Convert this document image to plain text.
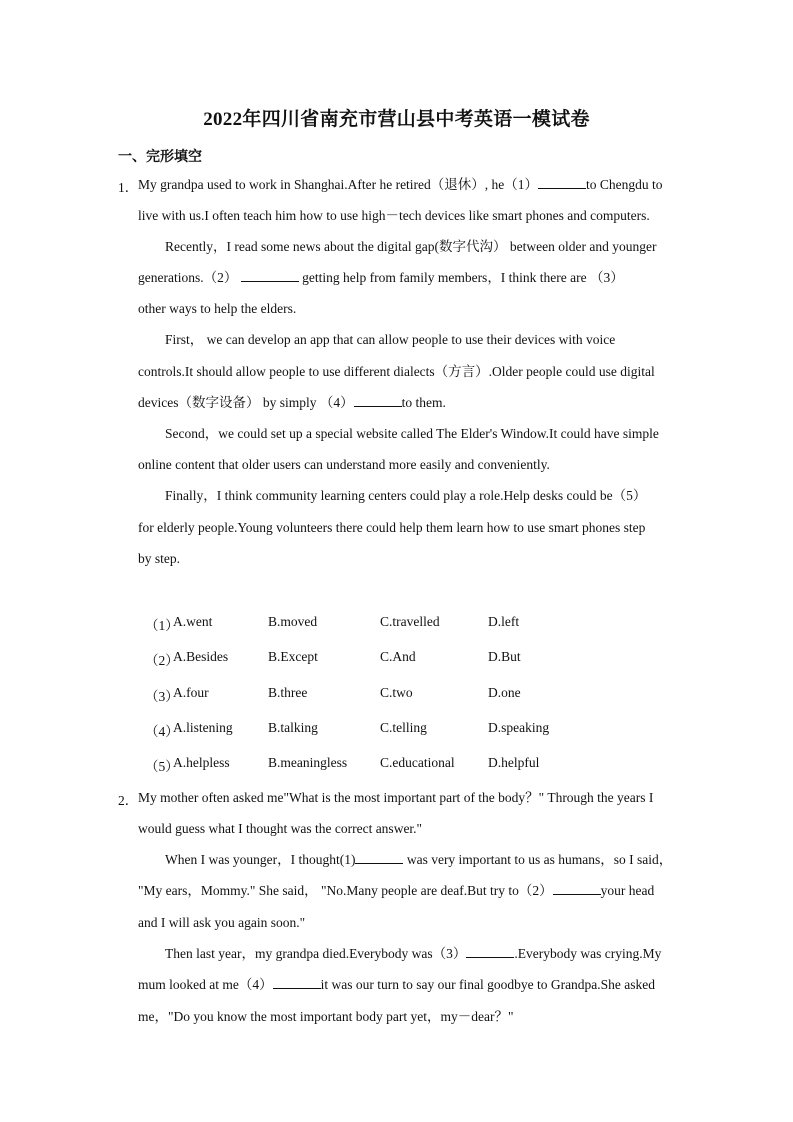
2022年四川省南充市营山县中考英语一模试卷
一、完形填空
1． My grandpa used to work in Shanghai.After he retired（退休）, he（1）	to Chengdu to
live with us.I often teach him how to use high－tech devices like smart phones and computers.
Recently，I read some news about the digital gap(数字代沟） between older and younger
generations.（2）	getting help from family members，I think there are （3）
other ways to help the elders.
First， we can develop an app that can allow people to use their devices with voice
controls.It should allow people to use different dialects（方言）.Older people could use digital
devices（数字设备） by simply （4）	to them.
Second，we could set up a special website called The Elder's Window.It could have simple
online content that older users can understand more easily and conveniently.
Finally，I think community learning centers could play a role.Help desks could be（5）
for elderly people.Young volunteers there could help them learn how to use smart phones step
by step.
（1）
A.went	B.moved	C.travelled	D.left
（2）
A.Besides	B.Except	C.And	D.But
（3）
A.four	B.three	C.two	D.one
（4）
A.listening	B.talking	C.telling	D.speaking
（5）
A.helpless	B.meaningless C.educational D.helpful
2． My mother often asked me"What is the most important part of the body？" Through the years I
would guess what I thought was the correct answer."
When I was younger，I thought(1)	was very important to us as humans，so I said，
"My ears，Mommy." She said， "No.Many people are deaf.But try to（2）	your head
and I will ask you again soon."
Then last year，my grandpa died.Everybody was（3）	.Everybody was crying.My
mum looked at me（4）	it was our turn to say our final goodbye to Grandpa.She asked
me，"Do you know the most important body part yet，my－dear？"
